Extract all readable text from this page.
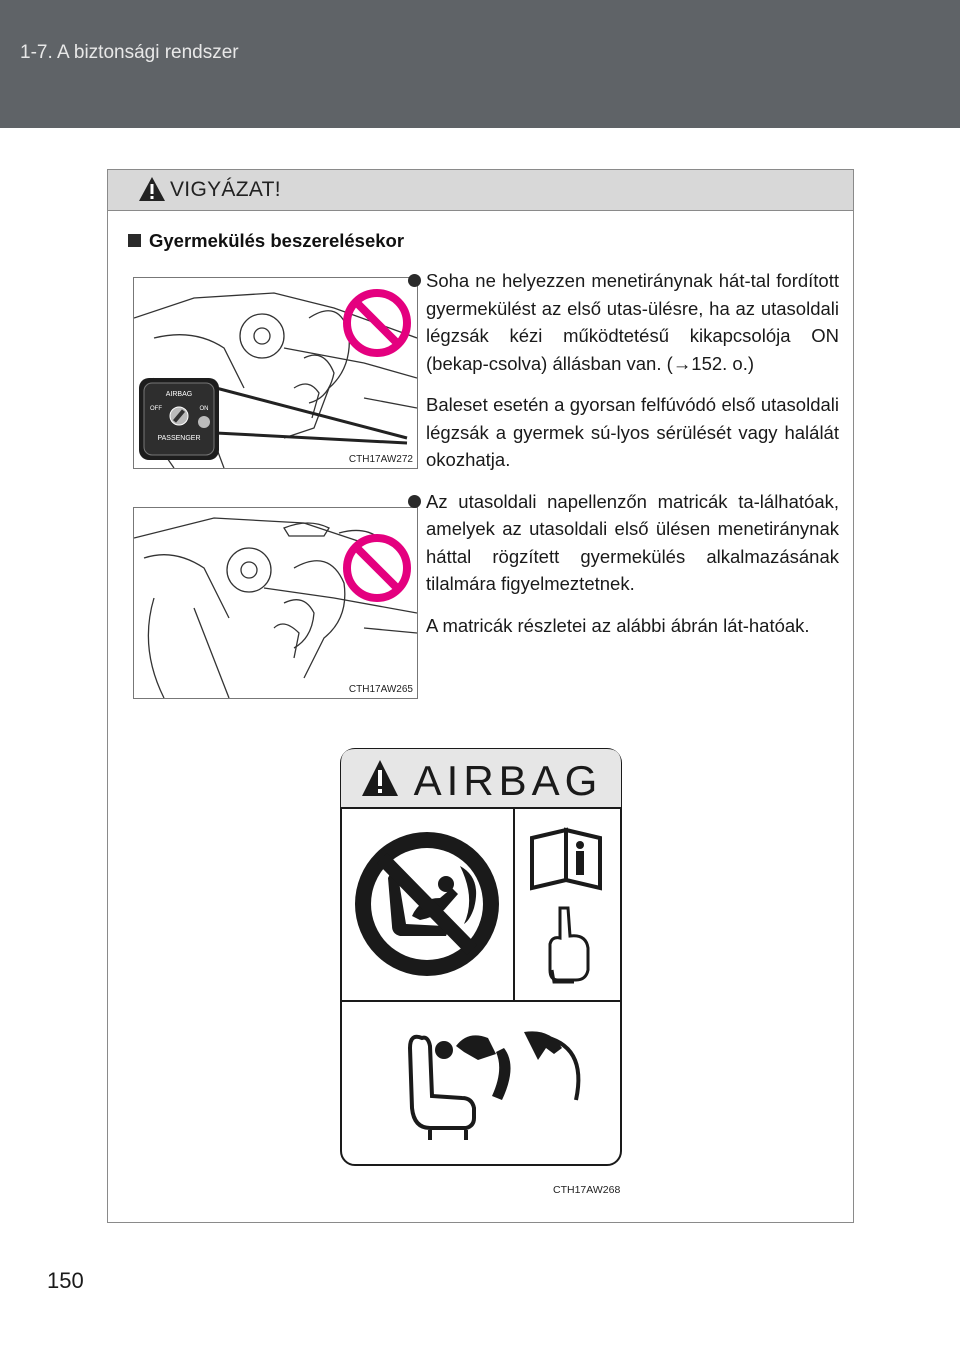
1-7. A biztonsági rendszer
VIGYÁZAT!
Gyermekülés beszerelésekor
AIRBAG
OFF	ON
PASSENGER
CTH17AW272
CTH17AW265
Soha ne helyezzen menetiránynak hát-tal fordított gyermekülést az első utas-ülésre, ha az utasoldali légzsák kézi működtetésű kikapcsolója ON (bekap-csolva) állásban van. (→152. o.)
Baleset esetén a gyorsan felfúvódó első utasoldali légzsák a gyermek sú-lyos sérülését vagy halálát okozhatja.
Az utasoldali napellenzőn matricák ta-lálhatóak, amelyek az utasoldali első ülésen menetiránynak háttal rögzített gyermekülés alkalmazásának tilalmára figyelmeztetnek.
A matricák részletei az alábbi ábrán lát-hatóak.
AIRBAG
CTH17AW268
150
